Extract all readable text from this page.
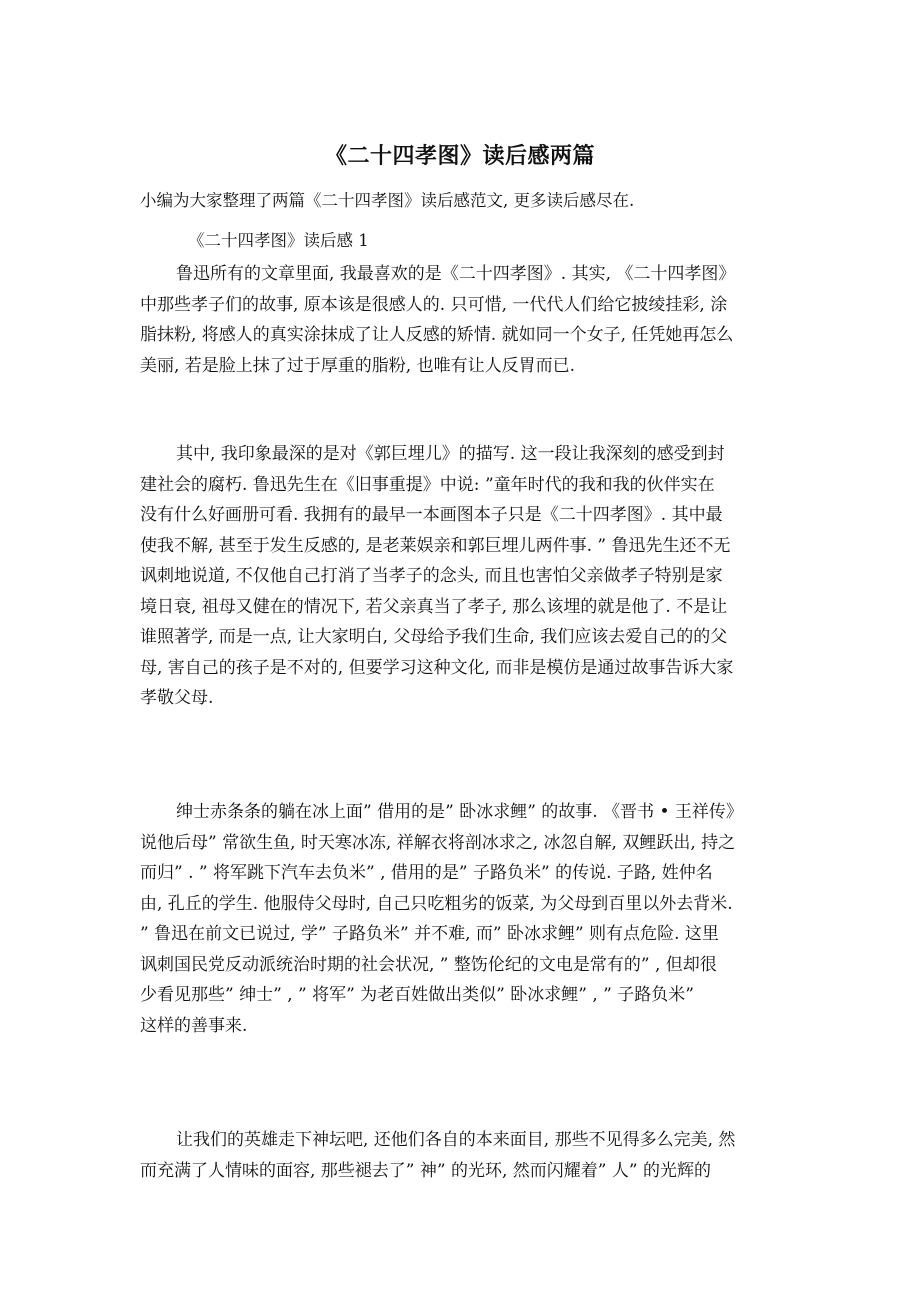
《二十四孝图》读后感两篇
小编为大家整理了两篇《二十四孝图》读后感范文, 更多读后感尽在.
《二十四孝图》读后感 1
鲁迅所有的文章里面, 我最喜欢的是《二十四孝图》. 其实, 《二十四孝图》
中那些孝子们的故事, 原本该是很感人的. 只可惜, 一代代人们给它披绫挂彩, 涂
脂抹粉, 将感人的真实涂抹成了让人反感的矫情. 就如同一个女子, 任凭她再怎么
美丽, 若是脸上抹了过于厚重的脂粉, 也唯有让人反胃而已.
其中, 我印象最深的是对《郭巨埋儿》的描写. 这一段让我深刻的感受到封
建社会的腐朽. 鲁迅先生在《旧事重提》中说: ”童年时代的我和我的伙伴实在
没有什么好画册可看. 我拥有的最早一本画图本子只是《二十四孝图》. 其中最
使我不解, 甚至于发生反感的, 是老莱娱亲和郭巨埋儿两件事. ” 鲁迅先生还不无
讽刺地说道, 不仅他自己打消了当孝子的念头, 而且也害怕父亲做孝子特别是家
境日衰, 祖母又健在的情况下, 若父亲真当了孝子, 那么该埋的就是他了. 不是让
谁照著学, 而是一点, 让大家明白, 父母给予我们生命, 我们应该去爱自己的的父
母, 害自己的孩子是不对的, 但要学习这种文化, 而非是模仿是通过故事告诉大家
孝敬父母.
绅士赤条条的躺在冰上面” 借用的是” 卧冰求鲤” 的故事. 《晋书 • 王祥传》
说他后母” 常欲生鱼, 时天寒冰冻, 祥解衣将剖冰求之, 冰忽自解, 双鲤跃出, 持之
而归” . ” 将军跳下汽车去负米” , 借用的是” 子路负米” 的传说. 子路, 姓仲名
由, 孔丘的学生. 他服侍父母时, 自己只吃粗劣的饭菜, 为父母到百里以外去背米.
” 鲁迅在前文已说过, 学” 子路负米” 并不难, 而” 卧冰求鲤” 则有点危险. 这里
讽刺国民党反动派统治时期的社会状况, ” 整饬伦纪的文电是常有的” , 但却很
少看见那些” 绅士” , ” 将军” 为老百姓做出类似” 卧冰求鲤” , ” 子路负米”
这样的善事来.
让我们的英雄走下神坛吧, 还他们各自的本来面目, 那些不见得多么完美, 然
而充满了人情味的面容, 那些褪去了” 神” 的光环, 然而闪耀着” 人” 的光辉的
